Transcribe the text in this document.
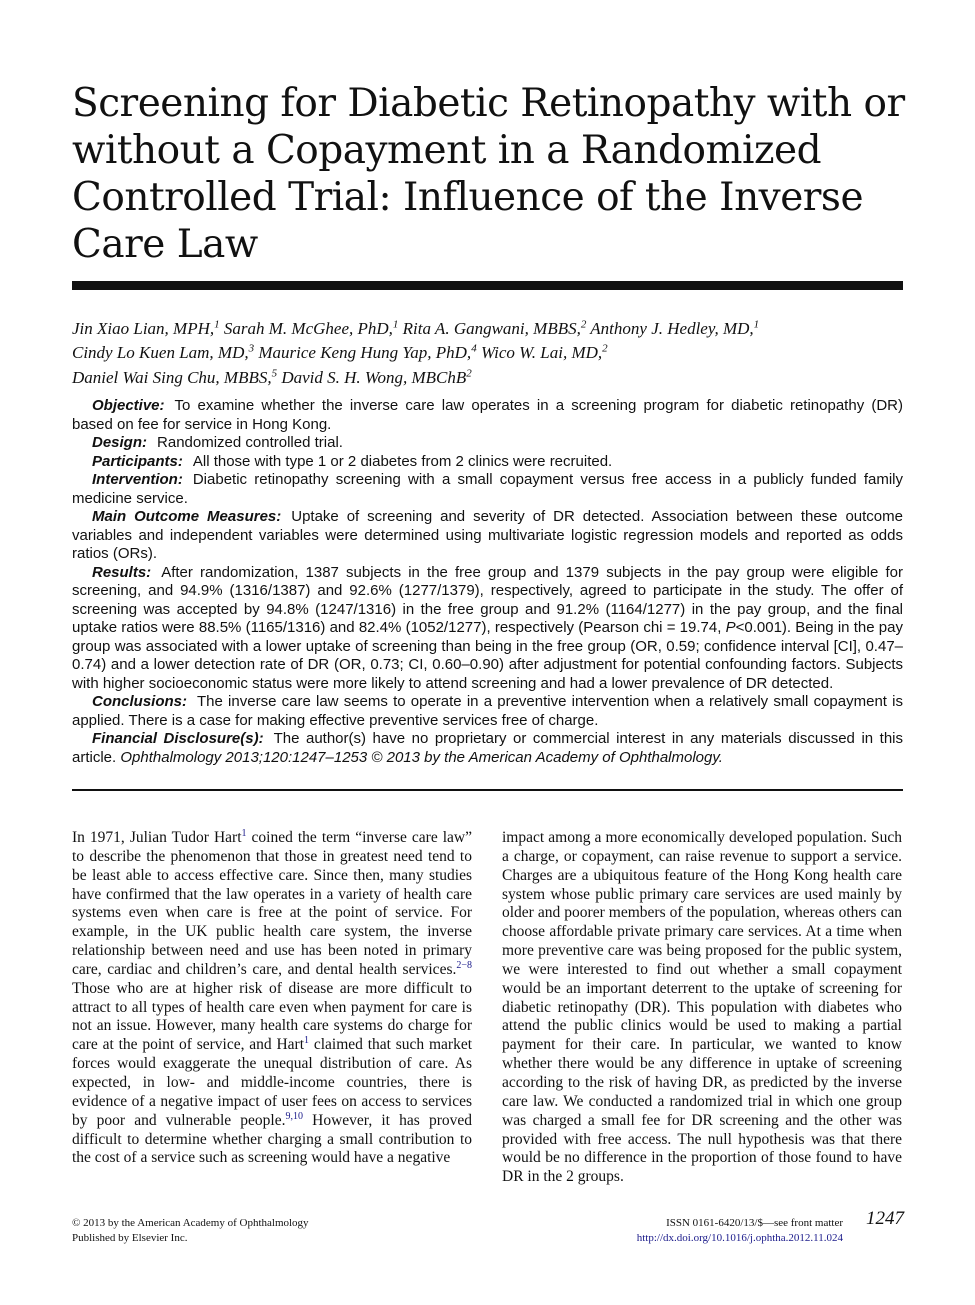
Screening for Diabetic Retinopathy with or without a Copayment in a Randomized Controlled Trial: Influence of the Inverse Care Law
Jin Xiao Lian, MPH,$^1$ Sarah M. McGhee, PhD,$^1$ Rita A. Gangwani, MBBS,$^2$ Anthony J. Hedley, MD,$^1$
Cindy Lo Kuen Lam, MD,$^3$ Maurice Keng Hung Yap, PhD,$^4$ Wico W. Lai, MD,$^2$
Daniel Wai Sing Chu, MBBS,$^5$ David S. H. Wong, MBChB$^2$

Objective: To examine whether the inverse care law operates in a screening program for diabetic retinopathy (DR) based on fee for service in Hong Kong.

Design: Randomized controlled trial.

Participants: All those with type 1 or 2 diabetes from 2 clinics were recruited.

Intervention: Diabetic retinopathy screening with a small copayment versus free access in a publicly funded family medicine service.

Main Outcome Measures: Uptake of screening and severity of DR detected. Association between these outcome variables and independent variables were determined using multivariate logistic regression models and reported as odds ratios (ORs).

Results: After randomization, 1387 subjects in the free group and 1379 subjects in the pay group were eligible for screening, and 94.9% (1316/1387) and 92.6% (1277/1379), respectively, agreed to participate in the study. The offer of screening was accepted by 94.8% (1247/1316) in the free group and 91.2% (1164/1277) in the pay group, and the final uptake ratios were 88.5% (1165/1316) and 82.4% (1052/1277), respectively (Pearson chi = 19.74, P<0.001). Being in the pay group was associated with a lower uptake of screening than being in the free group (OR, 0.59; confidence interval [CI], 0.47–0.74) and a lower detection rate of DR (OR, 0.73; CI, 0.60–0.90) after adjustment for potential confounding factors. Subjects with higher socioeconomic status were more likely to attend screening and had a lower prevalence of DR detected.

Conclusions: The inverse care law seems to operate in a preventive intervention when a relatively small copayment is applied. There is a case for making effective preventive services free of charge.

Financial Disclosure(s): The author(s) have no proprietary or commercial interest in any materials discussed in this article. Ophthalmology 2013;120:1247–1253 © 2013 by the American Academy of Ophthalmology.

In 1971, Julian Tudor Hart$^1$ coined the term “inverse care law” to describe the phenomenon that those in greatest need tend to be least able to access effective care. Since then, many studies have confirmed that the law operates in a variety of health care systems even when care is free at the point of service. For example, in the UK public health care system, the inverse relationship between need and use has been noted in primary care, cardiac and children’s care, and dental health services.$^{2-8}$ Those who are at higher risk of disease are more difficult to attract to all types of health care even when payment for care is not an issue. However, many health care systems do charge for care at the point of service, and Hart$^1$ claimed that such market forces would exaggerate the unequal distribution of care. As expected, in low- and middle-income countries, there is evidence of a negative impact of user fees on access to services by poor and vulnerable people.$^{9,10}$ However, it has proved difficult to determine whether charging a small contribution to the cost of a service such as screening would have a negative

impact among a more economically developed population. Such a charge, or copayment, can raise revenue to support a service. Charges are a ubiquitous feature of the Hong Kong health care system whose public primary care services are used mainly by older and poorer members of the population, whereas others can choose affordable private primary care services. At a time when more preventive care was being proposed for the public system, we were interested to find out whether a small copayment would be an important deterrent to the uptake of screening for diabetic retinopathy (DR). This population with diabetes who attend the public clinics would be used to making a partial payment for their care. In particular, we wanted to know whether there would be any difference in uptake of screening according to the risk of having DR, as predicted by the inverse care law. We conducted a randomized trial in which one group was charged a small fee for DR screening and the other was provided with free access. The null hypothesis was that there would be no difference in the proportion of those found to have DR in the 2 groups.

© 2013 by the American Academy of Ophthalmology
Published by Elsevier Inc.
ISSN 0161-6420/13/$—see front matter
http://dx.doi.org/10.1016/j.ophtha.2012.11.024
1247
